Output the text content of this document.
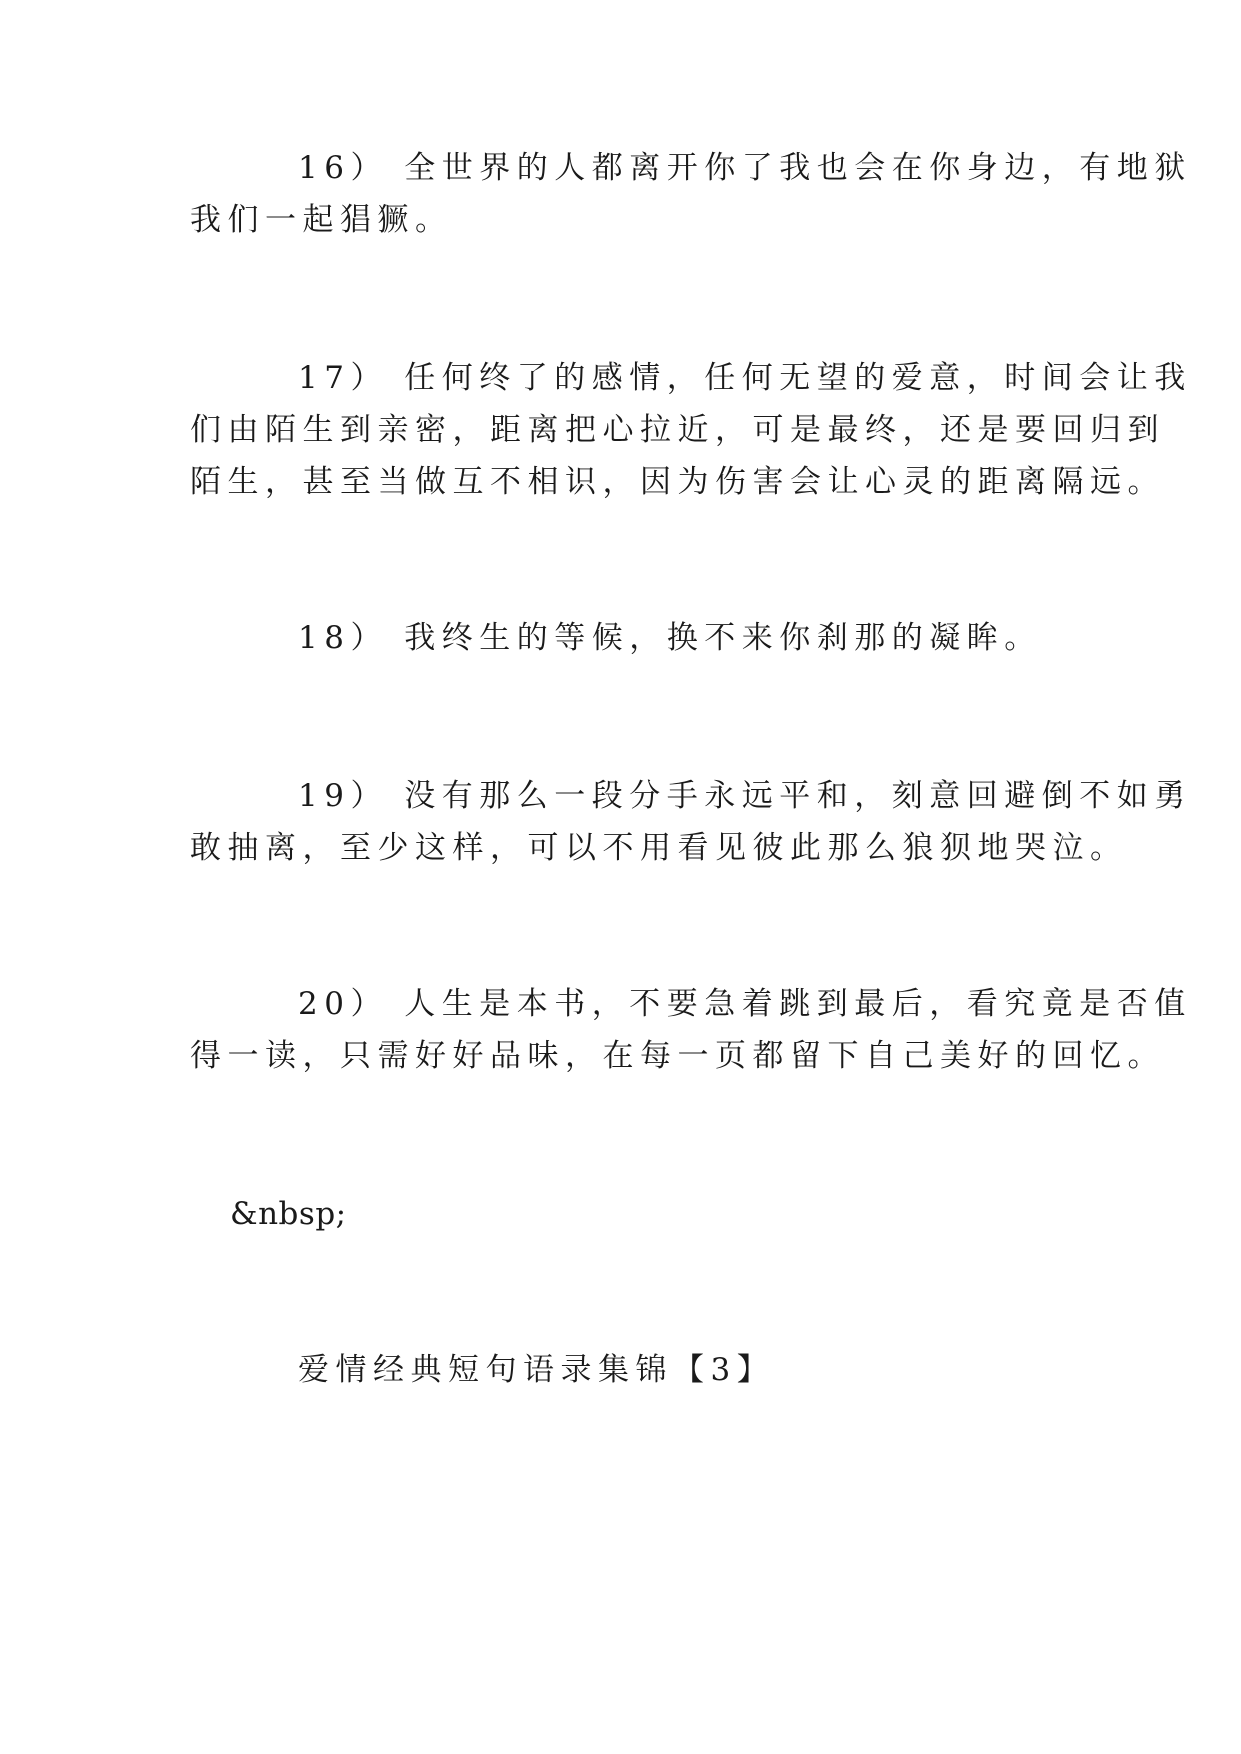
16） 全世界的人都离开你了我也会在你身边，有地狱
我们一起猖獗。
17） 任何终了的感情，任何无望的爱意，时间会让我
们由陌生到亲密，距离把心拉近，可是最终，还是要回归到
陌生，甚至当做互不相识，因为伤害会让心灵的距离隔远。
18） 我终生的等候，换不来你刹那的凝眸。
19） 没有那么一段分手永远平和，刻意回避倒不如勇
敢抽离，至少这样，可以不用看见彼此那么狼狈地哭泣。
20） 人生是本书，不要急着跳到最后，看究竟是否值
得一读，只需好好品味，在每一页都留下自己美好的回忆。
&nbsp;
爱情经典短句语录集锦【3】
